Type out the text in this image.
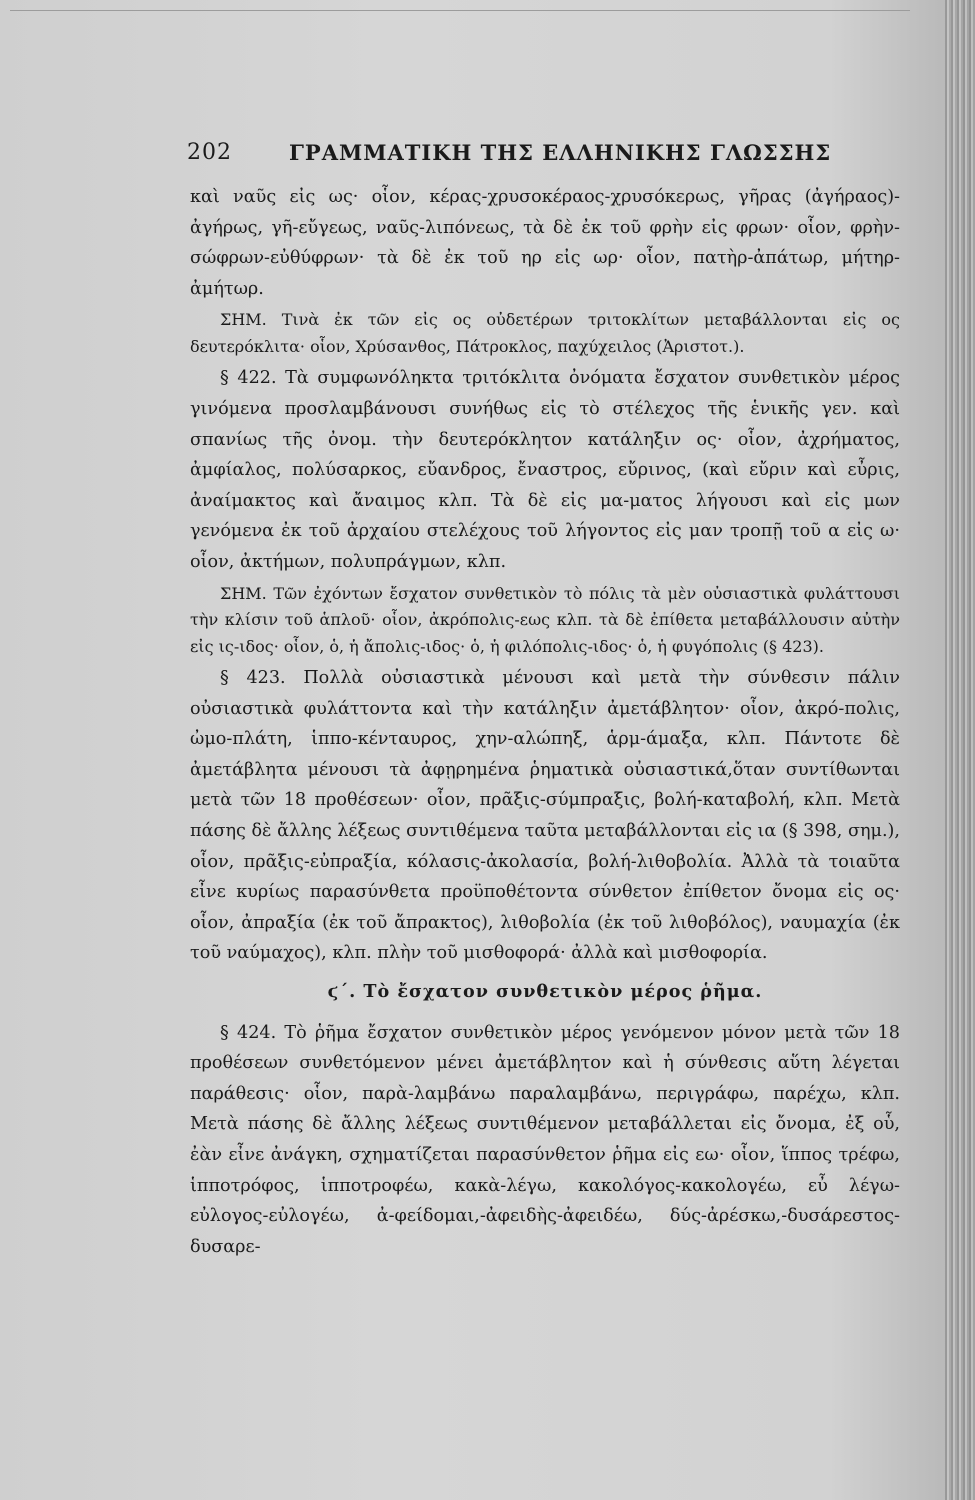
202	ΓΡΑΜΜΑΤΙΚΗ ΤΗΣ ΕΛΛΗΝΙΚΗΣ ΓΛΩΣΣΗΣ

καὶ ναῦς εἰς ως· οἷον, κέρας-χρυσοκέραος-χρυσόκερως, γῆρας (ἀγήραος)-ἀγήρως, γῆ-εὔγεως, ναῦς-λιπόνεως, τὰ δὲ ἐκ τοῦ φρὴν εἰς φρων· οἷον, φρὴν-σώφρων-εὐθύφρων· τὰ δὲ ἐκ τοῦ ηρ εἰς ωρ· οἷον, πατὴρ-ἀπάτωρ, μήτηρ-ἀμήτωρ.

ΣΗΜ. Τινὰ ἐκ τῶν εἰς ος οὐδετέρων τριτοκλίτων μεταβάλλονται εἰς ος δευτερόκλιτα· οἷον, Χρύσανθος, Πάτροκλος, παχύχειλος (Ἀριστοτ.).

§ 422. Τὰ συμφωνόληκτα τριτόκλιτα ὀνόματα ἔσχατον συνθετικὸν μέρος γινόμενα προσλαμβάνουσι συνήθως εἰς τὸ στέλεχος τῆς ἑνικῆς γεν. καὶ σπανίως τῆς ὀνομ. τὴν δευτερόκλητον κατάληξιν ος· οἷον, ἀχρήματος, ἀμφίαλος, πολύσαρκος, εὔανδρος, ἔναστρος, εὔρινος, (καὶ εὔριν καὶ εὖρις, ἀναίμακτος καὶ ἄναιμος κλπ. Τὰ δὲ εἰς μα-ματος λήγουσι καὶ εἰς μων γενόμενα ἐκ τοῦ ἀρχαίου στελέχους τοῦ λήγοντος εἰς μαν τροπῇ τοῦ α εἰς ω· οἷον, ἀκτήμων, πολυπράγμων, κλπ.

ΣΗΜ. Τῶν ἐχόντων ἔσχατον συνθετικὸν τὸ πόλις τὰ μὲν οὐσιαστικὰ φυλάττουσι τὴν κλίσιν τοῦ ἁπλοῦ· οἷον, ἀκρόπολις-εως κλπ. τὰ δὲ ἐπίθετα μεταβάλλουσιν αὐτὴν εἰς ις-ιδος· οἷον, ὁ, ἡ ἄπολις-ιδος· ὁ, ἡ φιλόπολις-ιδος· ὁ, ἡ φυγόπολις (§ 423).

§ 423. Πολλὰ οὐσιαστικὰ μένουσι καὶ μετὰ τὴν σύνθεσιν πάλιν οὐσιαστικὰ φυλάττοντα καὶ τὴν κατάληξιν ἀμετάβλητον· οἷον, ἀκρό-πολις, ὠμο-πλάτη, ἱππο-κένταυρος, χην-αλώπηξ, ἁρμ-άμαξα, κλπ. Πάντοτε δὲ ἀμετάβλητα μένουσι τὰ ἀφῃρημένα ῥηματικὰ οὐσιαστικά,ὅταν συντίθωνται μετὰ τῶν 18 προθέσεων· οἷον, πρᾶξις-σύμπραξις, βολή-καταβολή, κλπ. Μετὰ πάσης δὲ ἄλλης λέξεως συντιθέμενα ταῦτα μεταβάλλονται εἰς ια (§ 398, σημ.), οἷον, πρᾶξις-εὐπραξία, κόλασις-ἀκολασία, βολή-λιθοβολία. Ἀλλὰ τὰ τοιαῦτα εἶνε κυρίως παρασύνθετα προϋποθέτοντα σύνθετον ἐπίθετον ὄνομα εἰς ος· οἷον, ἀπραξία (ἐκ τοῦ ἄπρακτος), λιθοβολία (ἐκ τοῦ λιθοβόλος), ναυμαχία (ἐκ τοῦ ναύμαχος), κλπ. πλὴν τοῦ μισθοφορά· ἀλλὰ καὶ μισθοφορία.

ϛ΄. Τὸ ἔσχατον συνθετικὸν μέρος ῥῆμα.

§ 424. Τὸ ῥῆμα ἔσχατον συνθετικὸν μέρος γενόμενον μόνον μετὰ τῶν 18 προθέσεων συνθετόμενον μένει ἀμετάβλητον καὶ ἡ σύνθεσις αὕτη λέγεται παράθεσις· οἷον, παρὰ-λαμβάνω παραλαμβάνω, περιγράφω, παρέχω, κλπ. Μετὰ πάσης δὲ ἄλλης λέξεως συντιθέμενον μεταβάλλεται εἰς ὄνομα, ἐξ οὗ, ἐὰν εἶνε ἀνάγκη, σχηματίζεται παρασύνθετον ῥῆμα εἰς εω· οἷον, ἵππος τρέφω, ἱπποτρόφος, ἱπποτροφέω, κακὰ-λέγω, κακολόγος-κακολογέω, εὖ λέγω-εὐλογος-εὐλογέω, ἀ-φείδομαι,-ἀφειδὴς-ἀφειδέω, δύς-ἀρέσκω,-δυσάρεστος-δυσαρε-
